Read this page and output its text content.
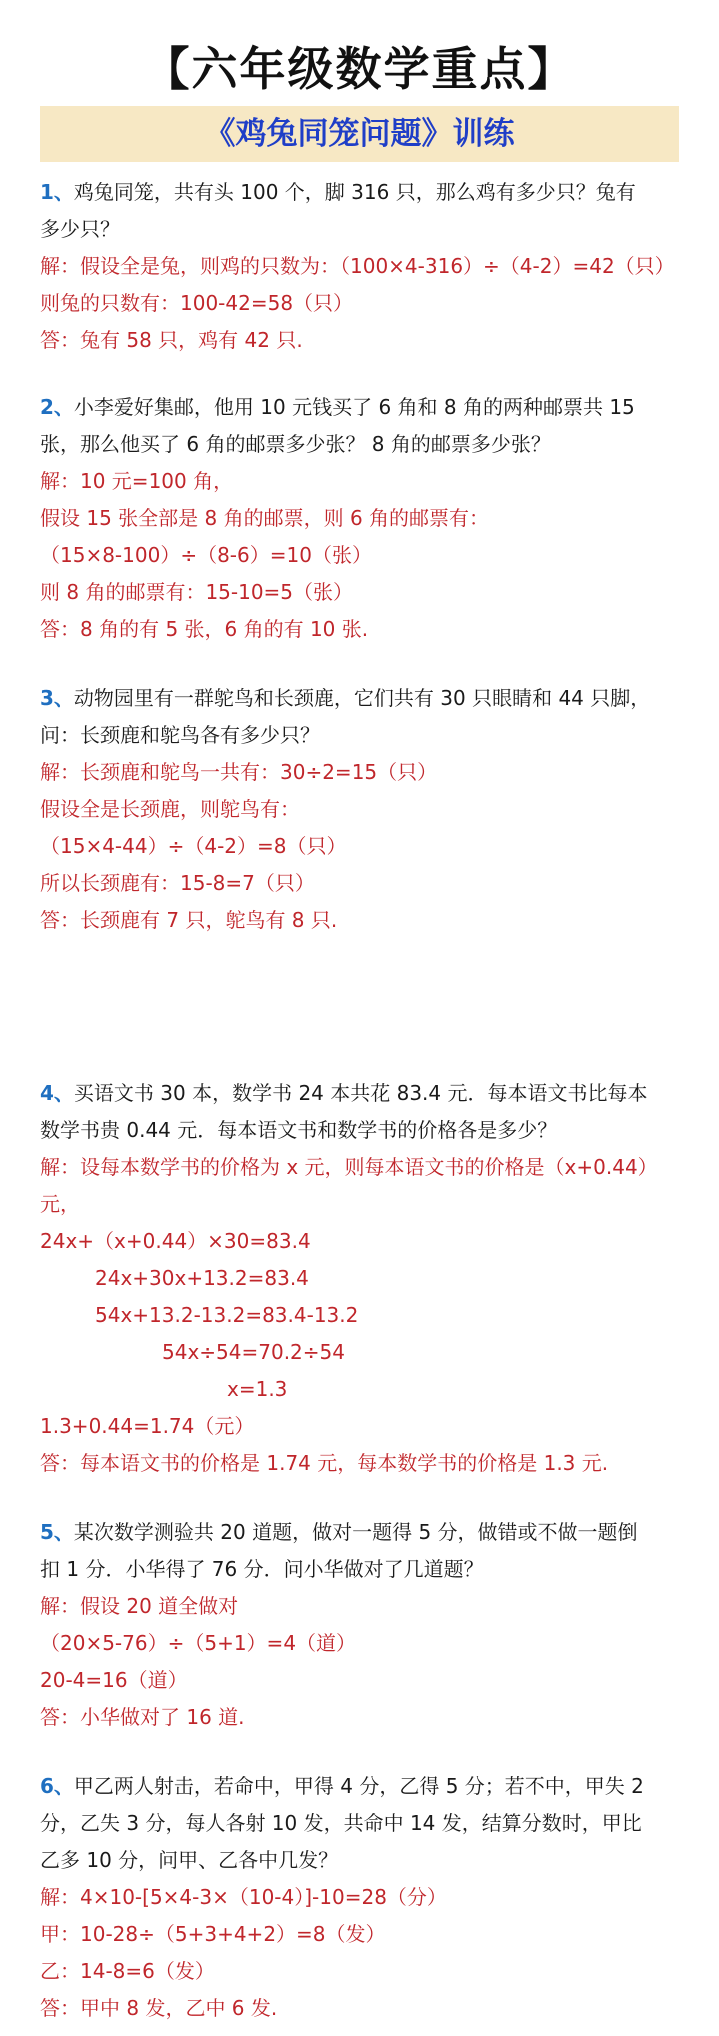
【六年级数学重点】
《鸡兔同笼问题》训练
1、鸡兔同笼，共有头 100 个，脚 316 只，那么鸡有多少只？兔有
多少只？
解：假设全是兔，则鸡的只数为：（100×4-316）÷（4-2）=42（只）
则兔的只数有：100-42=58（只）
答：兔有 58 只，鸡有 42 只.
2、小李爱好集邮，他用 10 元钱买了 6 角和 8 角的两种邮票共 15
张，那么他买了 6 角的邮票多少张？ 8 角的邮票多少张？
解：10 元=100 角，
假设 15 张全部是 8 角的邮票，则 6 角的邮票有：
（15×8-100）÷（8-6）=10（张）
则 8 角的邮票有：15-10=5（张）
答：8 角的有 5 张，6 角的有 10 张.
3、动物园里有一群鸵鸟和长颈鹿，它们共有 30 只眼睛和 44 只脚，
问：长颈鹿和鸵鸟各有多少只？
解：长颈鹿和鸵鸟一共有：30÷2=15（只）
假设全是长颈鹿，则鸵鸟有：
（15×4-44）÷（4-2）=8（只）
所以长颈鹿有：15-8=7（只）
答：长颈鹿有 7 只，鸵鸟有 8 只.
4、买语文书 30 本，数学书 24 本共花 83.4 元．每本语文书比每本
数学书贵 0.44 元．每本语文书和数学书的价格各是多少？
解：设每本数学书的价格为 x 元，则每本语文书的价格是（x+0.44）
元，
24x+（x+0.44）×30=83.4
24x+30x+13.2=83.4
54x+13.2-13.2=83.4-13.2
54x÷54=70.2÷54
x=1.3
1.3+0.44=1.74（元）
答：每本语文书的价格是 1.74 元，每本数学书的价格是 1.3 元.
5、某次数学测验共 20 道题，做对一题得 5 分，做错或不做一题倒
扣 1 分．小华得了 76 分．问小华做对了几道题？
解：假设 20 道全做对
（20×5-76）÷（5+1）=4（道）
20-4=16（道）
答：小华做对了 16 道.
6、甲乙两人射击，若命中，甲得 4 分，乙得 5 分；若不中，甲失 2
分，乙失 3 分，每人各射 10 发，共命中 14 发，结算分数时，甲比
乙多 10 分，问甲、乙各中几发？
解：4×10-[5×4-3×（10-4）]-10=28（分）
甲：10-28÷（5+3+4+2）=8（发）
乙：14-8=6（发）
答：甲中 8 发，乙中 6 发.
